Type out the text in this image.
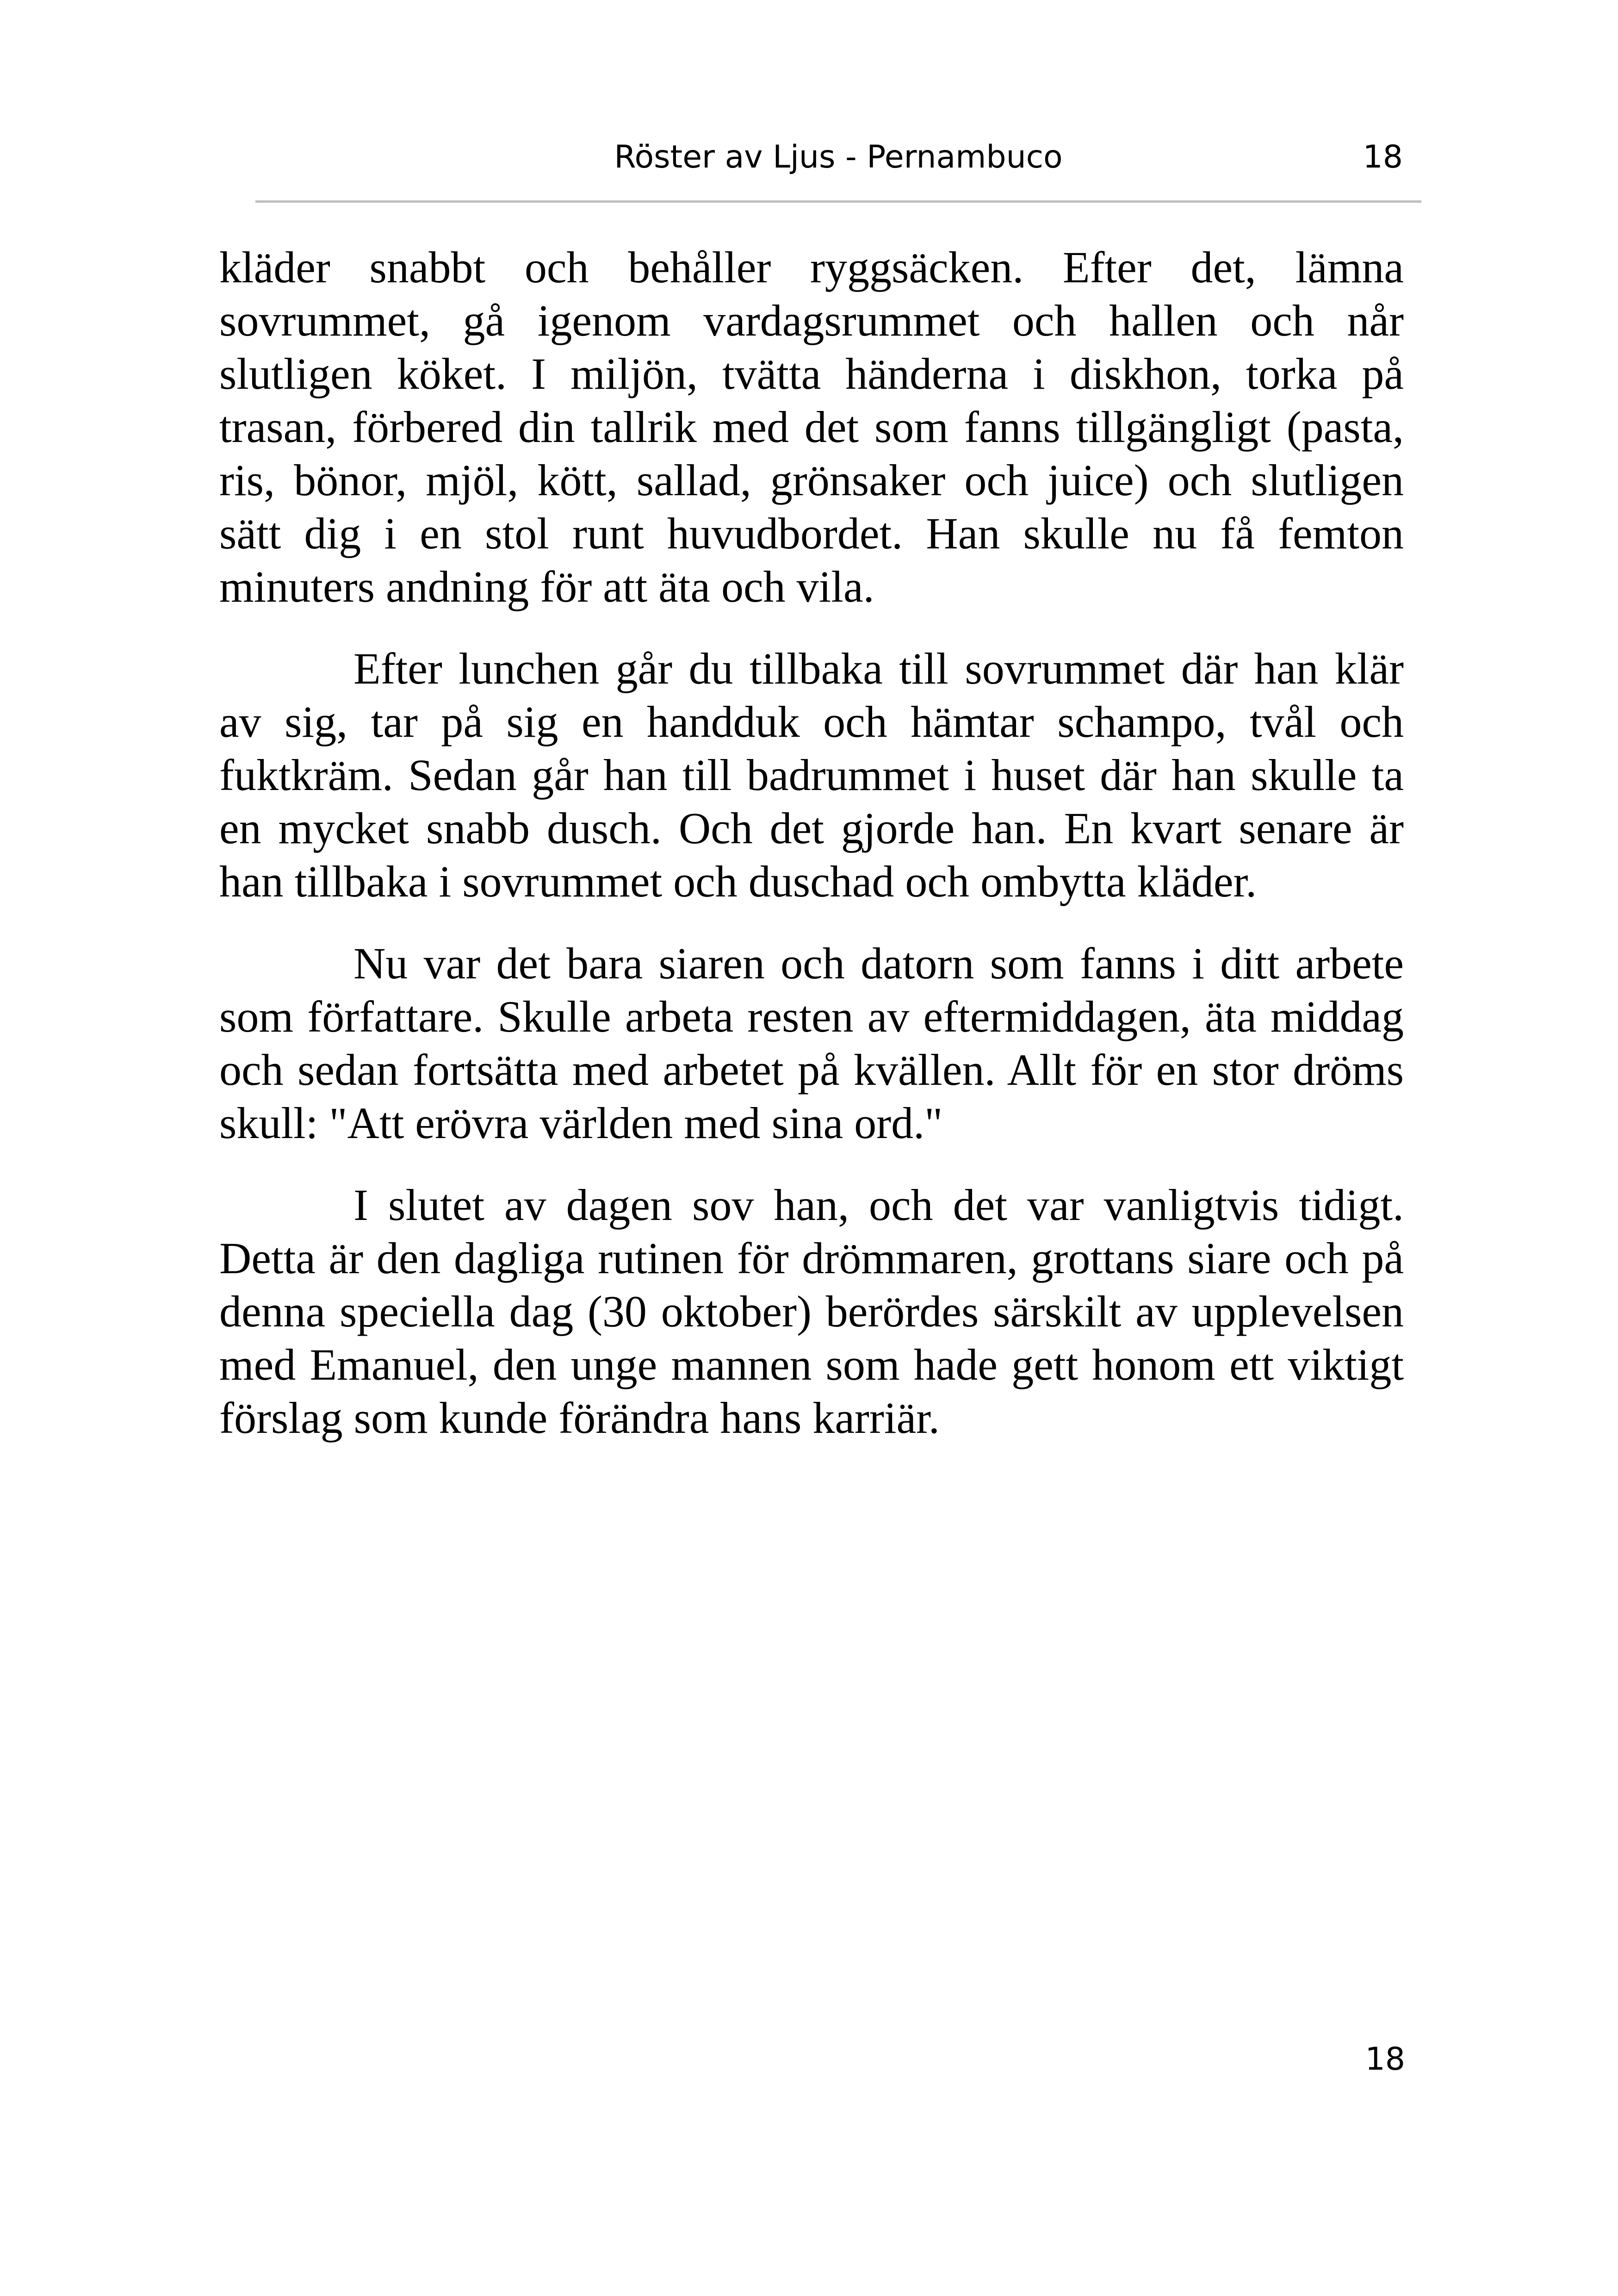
Röster av Ljus - Pernambuco	18

kläder snabbt och behåller ryggsäcken. Efter det, lämna sovrummet, gå igenom vardagsrummet och hallen och når slutligen köket. I miljön, tvätta händerna i diskhon, torka på trasan, förbered din tallrik med det som fanns tillgängligt (pasta, ris, bönor, mjöl, kött, sallad, grönsaker och juice) och slutligen sätt dig i en stol runt huvudbordet. Han skulle nu få femton minuters andning för att äta och vila.

Efter lunchen går du tillbaka till sovrummet där han klär av sig, tar på sig en handduk och hämtar schampo, tvål och fuktkräm. Sedan går han till badrummet i huset där han skulle ta en mycket snabb dusch. Och det gjorde han. En kvart senare är han tillbaka i sovrummet och duschad och ombytta kläder.

Nu var det bara siaren och datorn som fanns i ditt arbete som författare. Skulle arbeta resten av eftermiddagen, äta middag och sedan fortsätta med arbetet på kvällen. Allt för en stor dröms skull: "Att erövra världen med sina ord."

I slutet av dagen sov han, och det var vanligtvis tidigt. Detta är den dagliga rutinen för drömmaren, grottans siare och på denna speciella dag (30 oktober) berördes särskilt av upplevelsen med Emanuel, den unge mannen som hade gett honom ett viktigt förslag som kunde förändra hans karriär.

18
